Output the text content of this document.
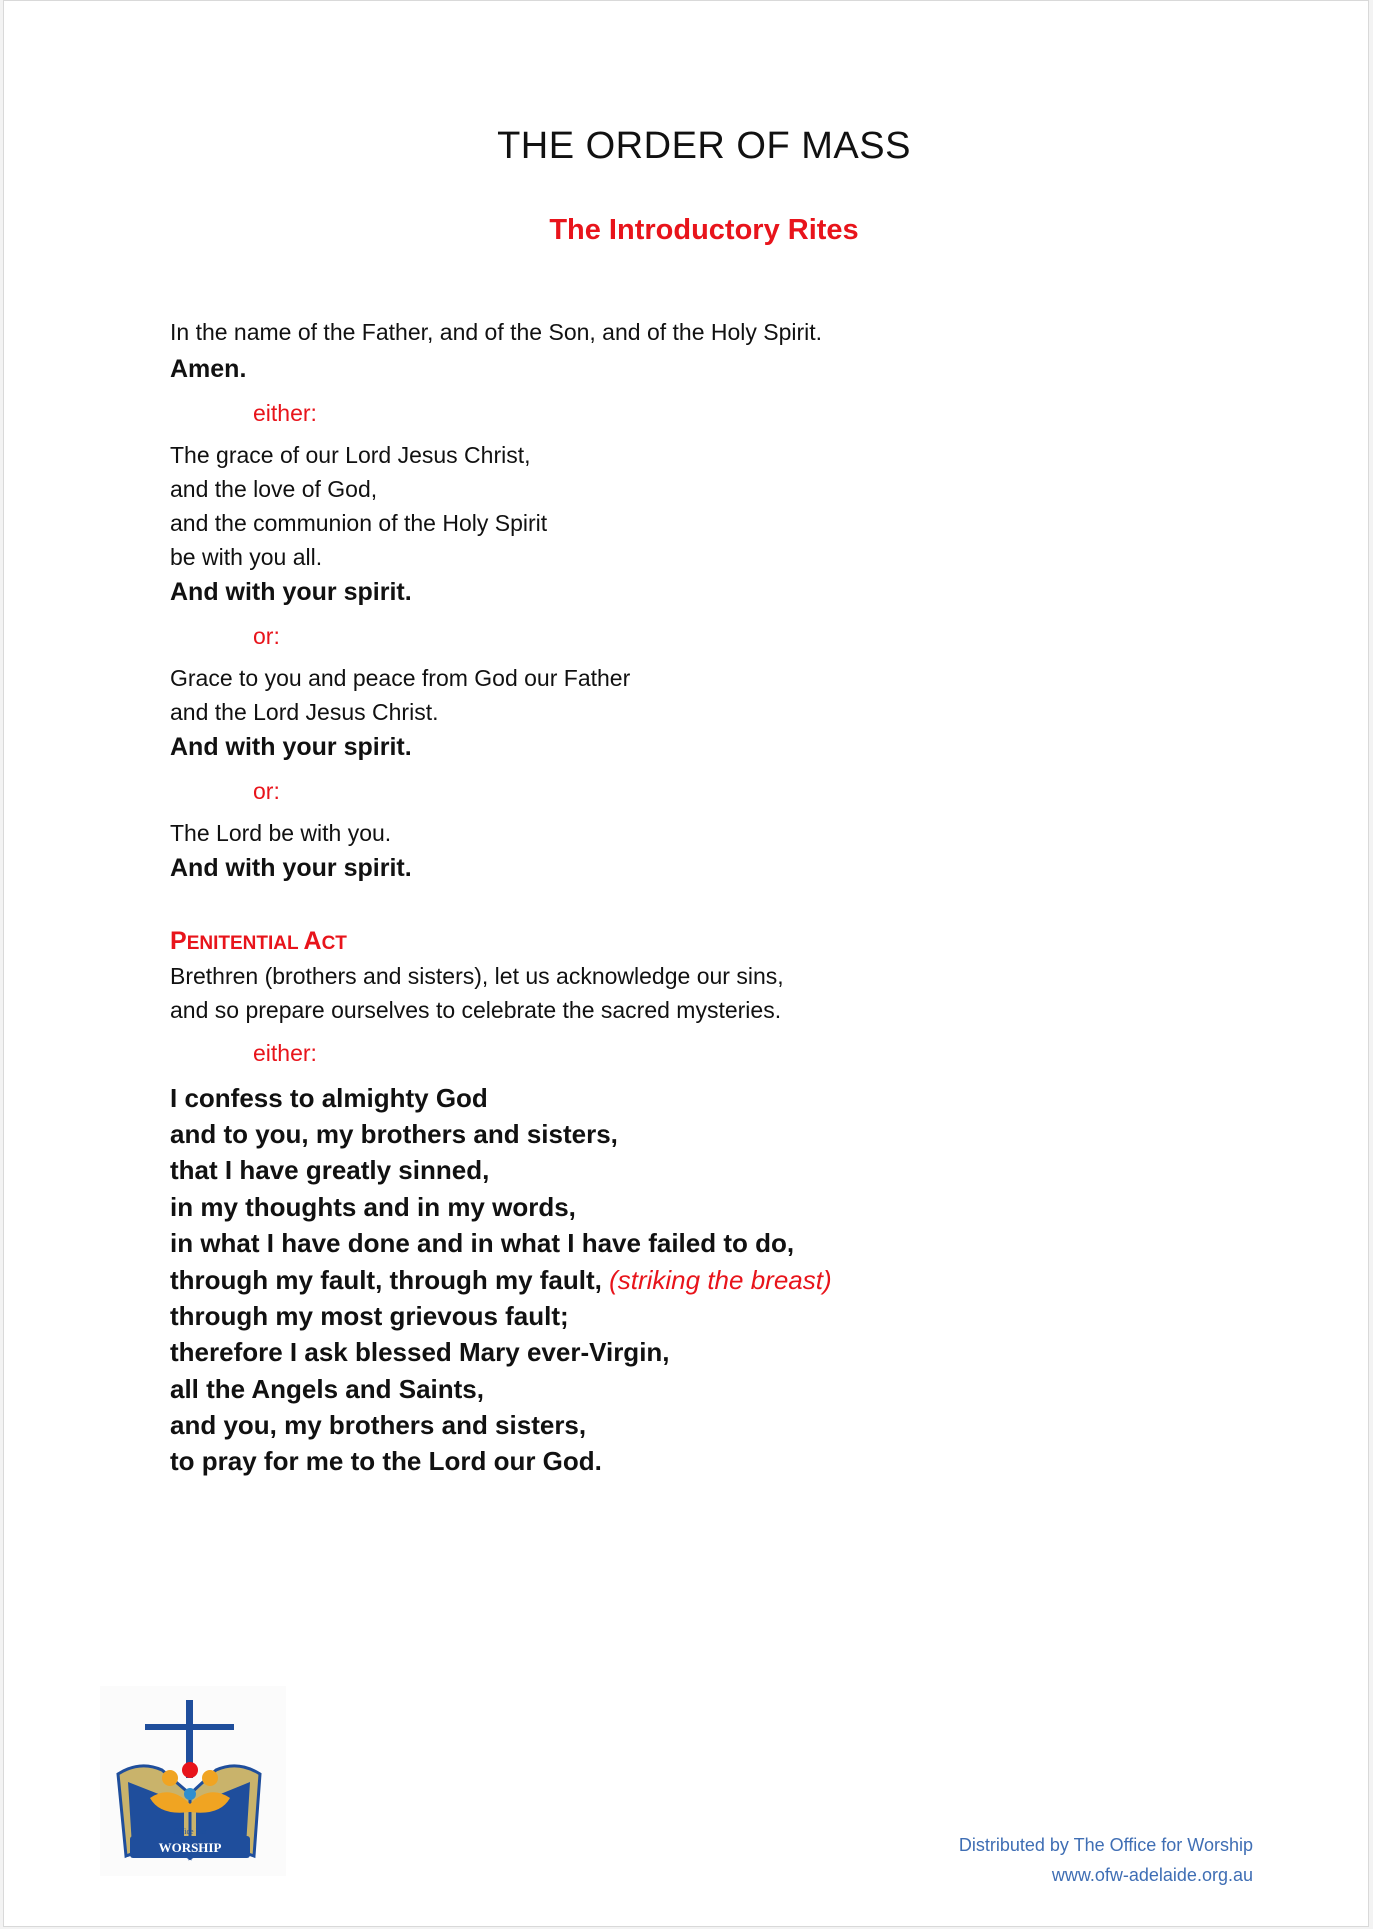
THE ORDER OF MASS
The Introductory Rites
In the name of the Father, and of the Son, and of the Holy Spirit.
Amen.
either:
The grace of our Lord Jesus Christ,
and the love of God,
and the communion of the Holy Spirit
be with you all.
And with your spirit.
or:
Grace to you and peace from God our Father
and the Lord Jesus Christ.
And with your spirit.
or:
The Lord be with you.
And with your spirit.
PENITENTIAL ACT
Brethren (brothers and sisters), let us acknowledge our sins,
and so prepare ourselves to celebrate the sacred mysteries.
either:
I confess to almighty God
and to you, my brothers and sisters,
that I have greatly sinned,
in my thoughts and in my words,
in what I have done and in what I have failed to do,
through my fault, through my fault, (striking the breast)
through my most grievous fault;
therefore I ask blessed Mary ever-Virgin,
all the Angels and Saints,
and you, my brothers and sisters,
to pray for me to the Lord our God.
Office For
WORSHIP	Distributed by The Office for Worship
www.ofw-adelaide.org.au
